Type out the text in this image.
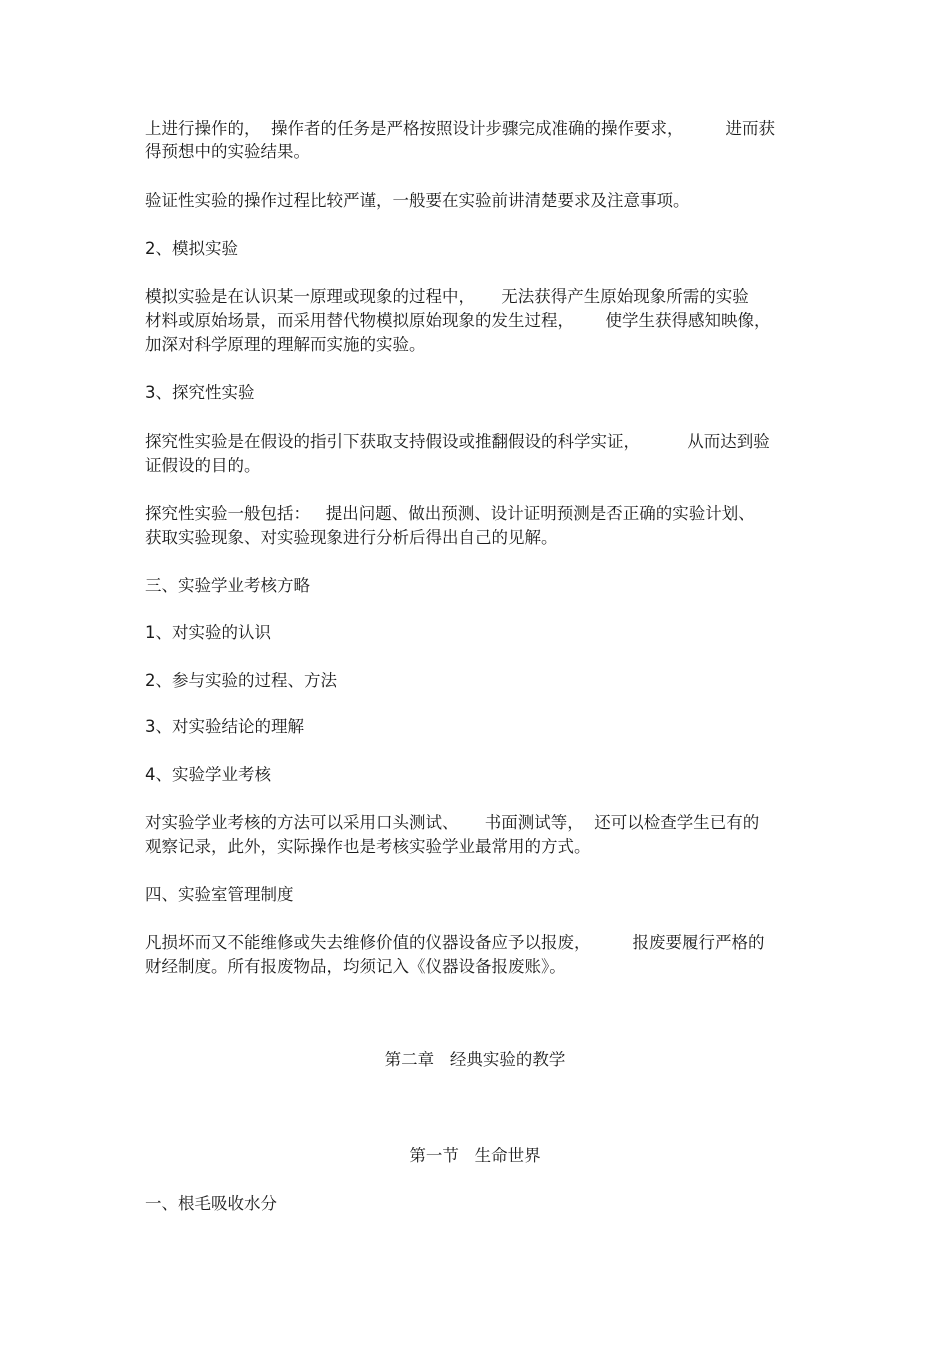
上进行操作的，  操作者的任务是严格按照设计步骤完成准确的操作要求，        进而获
得预想中的实验结果。
验证性实验的操作过程比较严谨，一般要在实验前讲清楚要求及注意事项。
2、模拟实验
模拟实验是在认识某一原理或现象的过程中，     无法获得产生原始现象所需的实验
材料或原始场景，而采用替代物模拟原始现象的发生过程，      使学生获得感知映像，
加深对科学原理的理解而实施的实验。
3、探究性实验
探究性实验是在假设的指引下获取支持假设或推翻假设的科学实证，         从而达到验
证假设的目的。
探究性实验一般包括：   提出问题、做出预测、设计证明预测是否正确的实验计划、
获取实验现象、对实验现象进行分析后得出自己的见解。
三、实验学业考核方略
1、对实验的认识
2、参与实验的过程、方法
3、对实验结论的理解
4、实验学业考核
对实验学业考核的方法可以采用口头测试、     书面测试等，  还可以检查学生已有的
观察记录，此外，实际操作也是考核实验学业最常用的方式。
四、实验室管理制度
凡损坏而又不能维修或失去维修价值的仪器设备应予以报废，        报废要履行严格的
财经制度。所有报废物品，均须记入《仪器设备报废账》。
第二章   经典实验的教学
第一节   生命世界
一、根毛吸收水分
